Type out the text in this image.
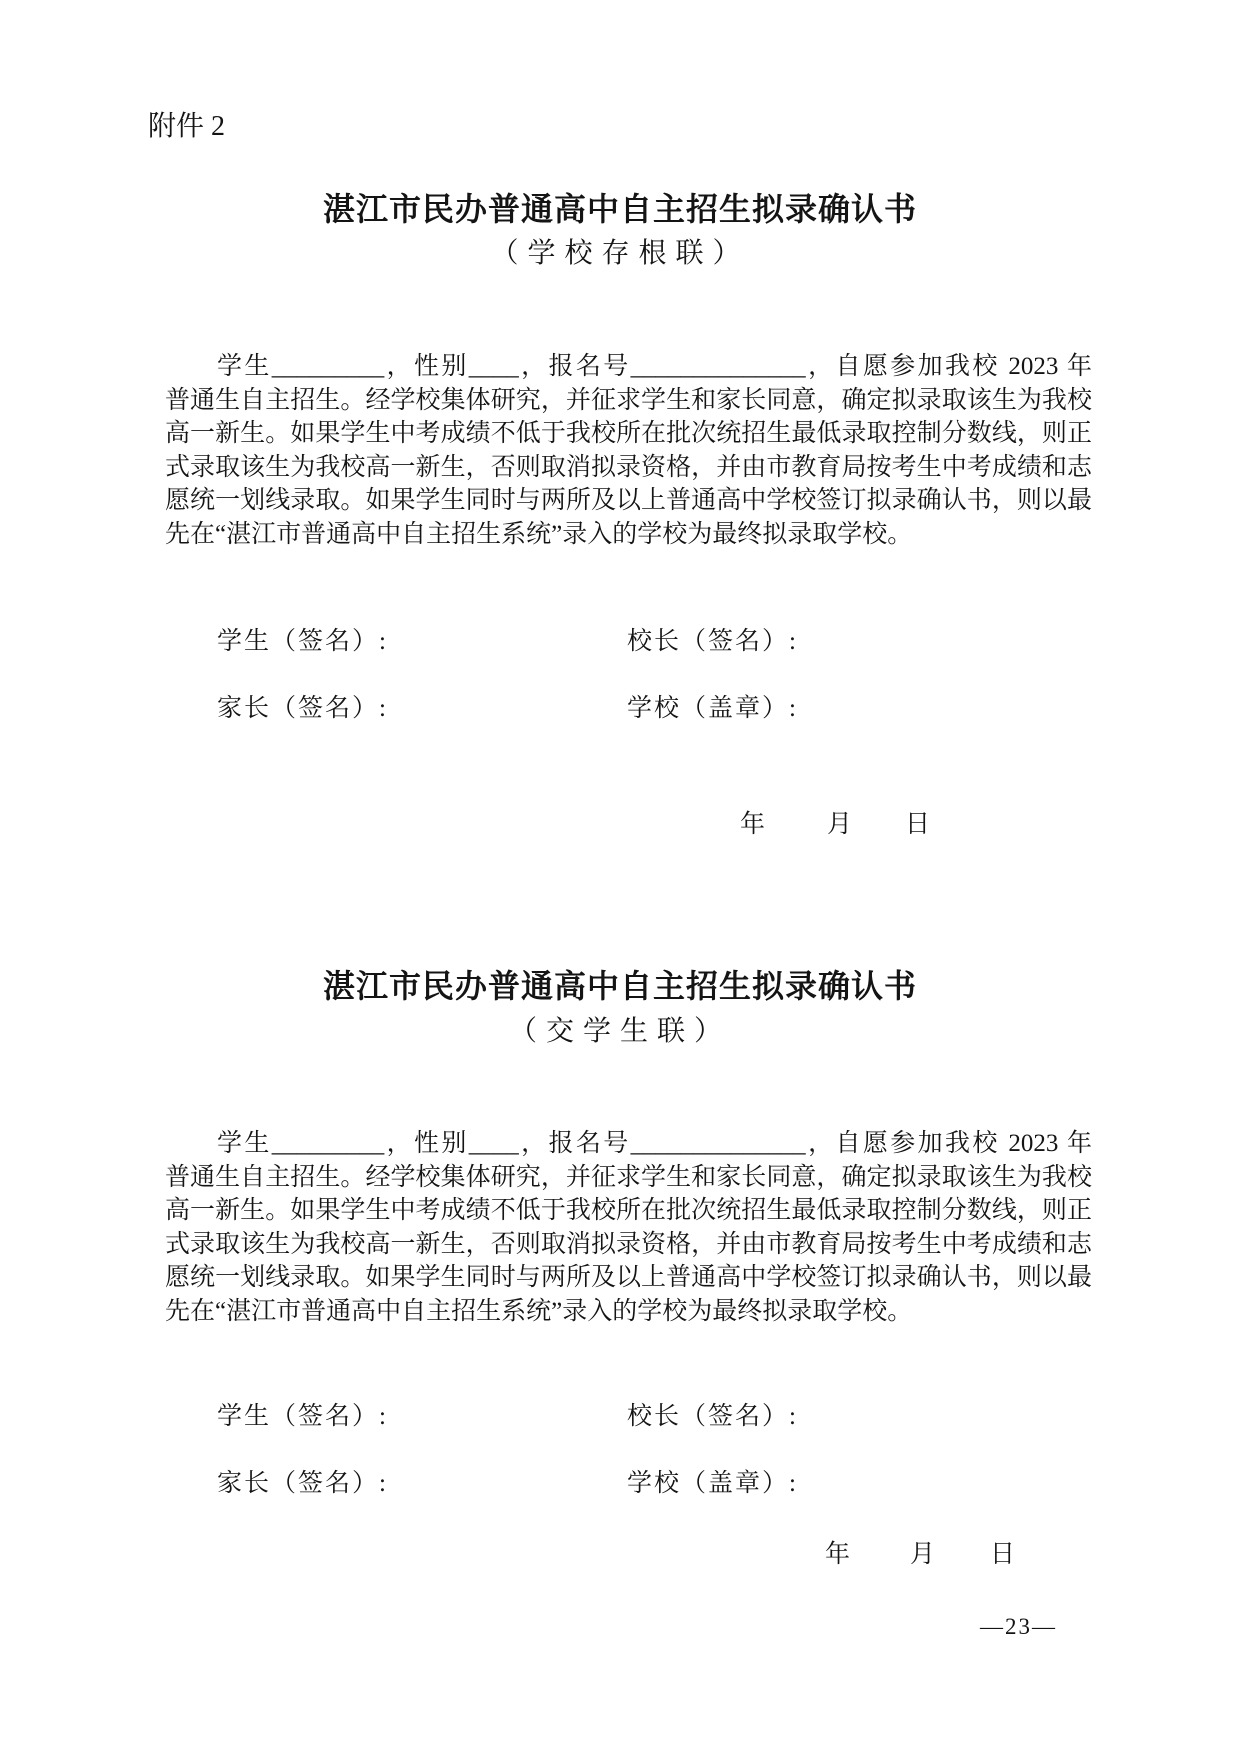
附件 2
湛江市民办普通高中自主招生拟录确认书
（学校存根联）
学生_________，性别____，报名号______________，自愿参加我校 2023 年
普通生自主招生。经学校集体研究，并征求学生和家长同意，确定拟录取该生为我校
高一新生。如果学生中考成绩不低于我校所在批次统招生最低录取控制分数线，则正
式录取该生为我校高一新生，否则取消拟录资格，并由市教育局按考生中考成绩和志
愿统一划线录取。如果学生同时与两所及以上普通高中学校签订拟录确认书，则以最
先在“湛江市普通高中自主招生系统”录入的学校为最终拟录取学校。
学生（签名）:	校长（签名）:
家长（签名）:	学校（盖章）:
年 月 日
湛江市民办普通高中自主招生拟录确认书
（交学生联）
学生_________，性别____，报名号______________，自愿参加我校 2023 年
普通生自主招生。经学校集体研究，并征求学生和家长同意，确定拟录取该生为我校
高一新生。如果学生中考成绩不低于我校所在批次统招生最低录取控制分数线，则正
式录取该生为我校高一新生，否则取消拟录资格，并由市教育局按考生中考成绩和志
愿统一划线录取。如果学生同时与两所及以上普通高中学校签订拟录确认书，则以最
先在“湛江市普通高中自主招生系统”录入的学校为最终拟录取学校。
学生（签名）:	校长（签名）:
家长（签名）:	学校（盖章）:
年 月 日
—23—
